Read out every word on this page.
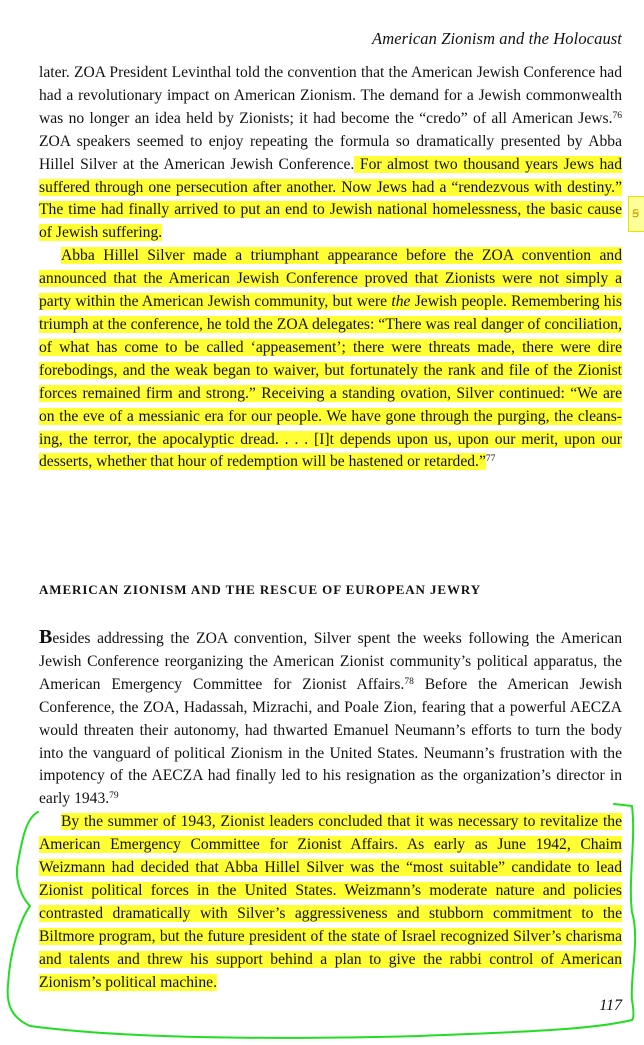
American Zionism and the Holocaust

later. ZOA President Levinthal told the convention that the American Jewish Conference had had a revolutionary impact on American Zionism. The demand for a Jewish commonwealth was no longer an idea held by Zionists; it had become the “credo” of all American Jews.$^{76}$ ZOA speakers seemed to enjoy repeating the formula so dramatically presented by Abba Hillel Silver at the American Jewish Conference. For almost two thousand years Jews had suffered through one persecution after another. Now Jews had a “rendezvous with destiny.” The time had finally arrived to put an end to Jewish national homelessness, the basic cause of Jewish suffering.

Abba Hillel Silver made a triumphant appearance before the ZOA convention and announced that the American Jewish Conference proved that Zionists were not simply a party within the American Jewish community, but were the Jewish people. Remembering his triumph at the conference, he told the ZOA delegates: “There was real danger of conciliation, of what has come to be called ‘appeasement’; there were threats made, there were dire forebodings, and the weak began to waiver, but fortunately the rank and file of the Zionist forces remained firm and strong.” Receiving a standing ovation, Silver continued: “We are on the eve of a messianic era for our people. We have gone through the purging, the cleansing, the terror, the apocalyptic dread. . . . [I]t depends upon us, upon our merit, upon our desserts, whether that hour of redemption will be hastened or retarded.”$^{77}$

ꞩ
AMERICAN ZIONISM AND THE RESCUE OF EUROPEAN JEWRY

Besides addressing the ZOA convention, Silver spent the weeks following the American Jewish Conference reorganizing the American Zionist community’s political apparatus, the American Emergency Committee for Zionist Affairs.$^{78}$ Before the American Jewish Conference, the ZOA, Hadassah, Mizrachi, and Poale Zion, fearing that a powerful AECZA would threaten their autonomy, had thwarted Emanuel Neumann’s efforts to turn the body into the vanguard of political Zionism in the United States. Neumann’s frustration with the impotency of the AECZA had finally led to his resignation as the organization’s director in early 1943.79

By the summer of 1943, Zionist leaders concluded that it was necessary to revitalize the American Emergency Committee for Zionist Affairs. As early as June 1942, Chaim Weizmann had decided that Abba Hillel Silver was the “most suitable” candidate to lead Zionist political forces in the United States. Weizmann’s moderate nature and policies contrasted dramatically with Silver’s aggressiveness and stubborn commitment to the Biltmore program, but the future president of the state of Israel recognized Silver’s charisma and talents and threw his support behind a plan to give the rabbi control of American Zionism’s political machine.

117
